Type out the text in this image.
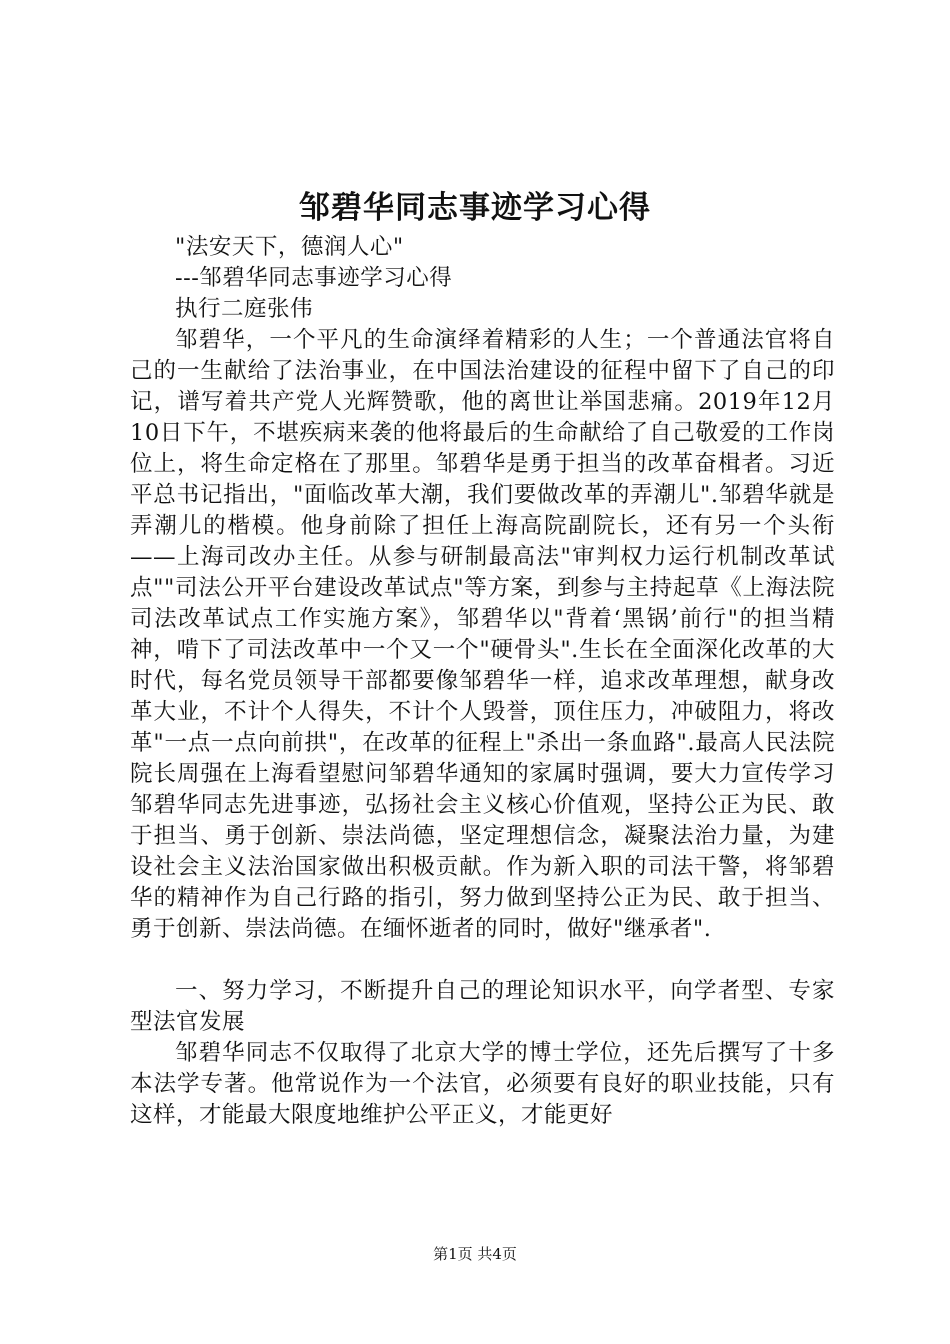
邹碧华同志事迹学习心得

"法安天下，德润人心"

---邹碧华同志事迹学习心得

执行二庭张伟

邹碧华，一个平凡的生命演绎着精彩的人生；一个普通法官将自己的一生献给了法治事业，在中国法治建设的征程中留下了自己的印记，谱写着共产党人光辉赞歌，他的离世让举国悲痛。2019年12月10日下午，不堪疾病来袭的他将最后的生命献给了自己敬爱的工作岗位上，将生命定格在了那里。邹碧华是勇于担当的改革奋楫者。习近平总书记指出，"面临改革大潮，我们要做改革的弄潮儿".邹碧华就是弄潮儿的楷模。他身前除了担任上海高院副院长，还有另一个头衔——上海司改办主任。从参与研制最高法"审判权力运行机制改革试点""司法公开平台建设改革试点"等方案，到参与主持起草《上海法院司法改革试点工作实施方案》，邹碧华以"背着‘黑锅’前行"的担当精神，啃下了司法改革中一个又一个"硬骨头".生长在全面深化改革的大时代，每名党员领导干部都要像邹碧华一样，追求改革理想，献身改革大业，不计个人得失，不计个人毁誉，顶住压力，冲破阻力，将改革"一点一点向前拱"，在改革的征程上"杀出一条血路".最高人民法院院长周强在上海看望慰问邹碧华通知的家属时强调，要大力宣传学习邹碧华同志先进事迹，弘扬社会主义核心价值观，坚持公正为民、敢于担当、勇于创新、崇法尚德，坚定理想信念，凝聚法治力量，为建设社会主义法治国家做出积极贡献。作为新入职的司法干警，将邹碧华的精神作为自己行路的指引，努力做到坚持公正为民、敢于担当、勇于创新、崇法尚德。在缅怀逝者的同时，做好"继承者".

一、努力学习，不断提升自己的理论知识水平，向学者型、专家型法官发展

邹碧华同志不仅取得了北京大学的博士学位，还先后撰写了十多本法学专著。他常说作为一个法官，必须要有良好的职业技能，只有这样，才能最大限度地维护公平正义，才能更好

第1页 共4页
